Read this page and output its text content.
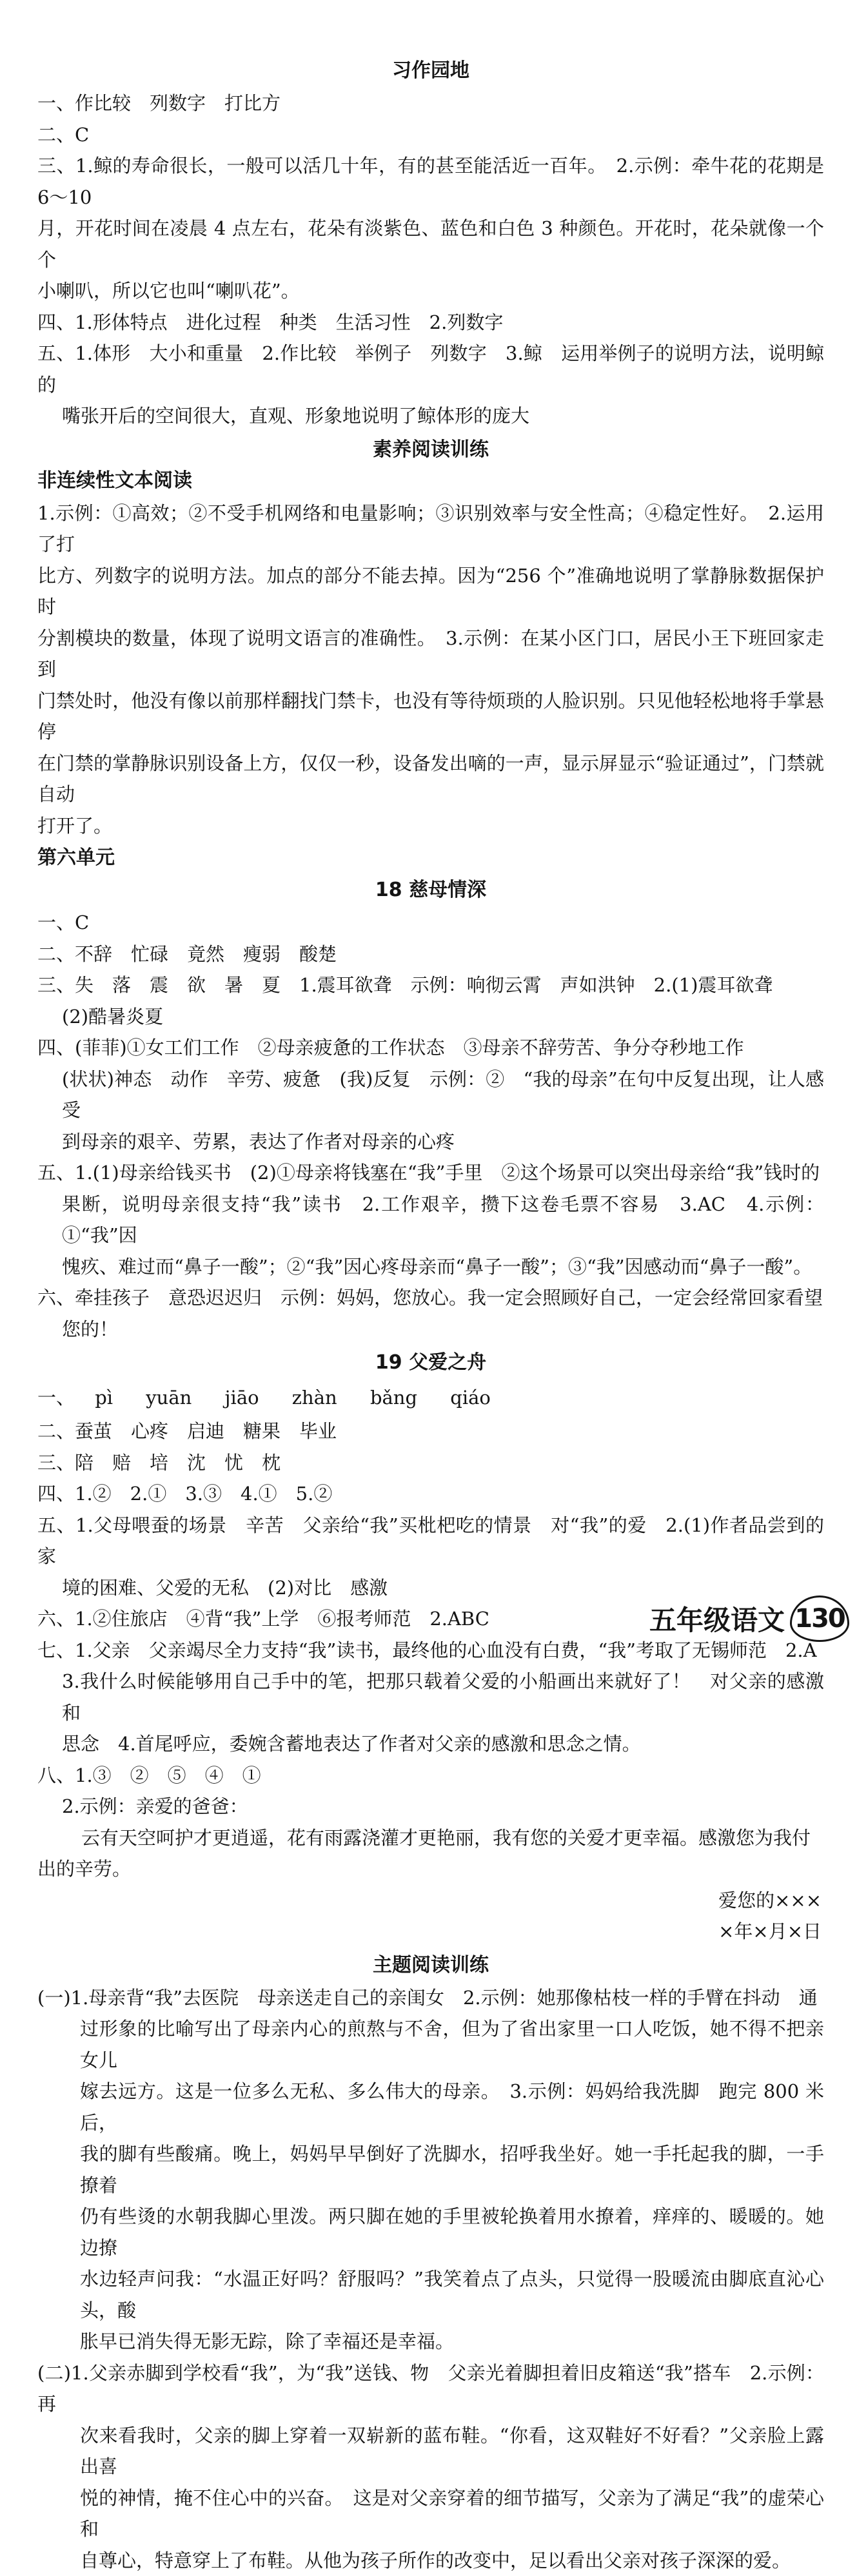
习作园地

一、作比较　列数字　打比方

二、C

三、1.鲸的寿命很长，一般可以活几十年，有的甚至能活近一百年。　2.示例：牵牛花的花期是 6～10

月，开花时间在凌晨 4 点左右，花朵有淡紫色、蓝色和白色 3 种颜色。开花时，花朵就像一个个

小喇叭，所以它也叫“喇叭花”。

四、1.形体特点　进化过程　种类　生活习性　2.列数字

五、1.体形　大小和重量　2.作比较　举例子　列数字　3.鲸　运用举例子的说明方法，说明鲸的

嘴张开后的空间很大，直观、形象地说明了鲸体形的庞大

素养阅读训练
非连续性文本阅读

1.示例：①高效；②不受手机网络和电量影响；③识别效率与安全性高；④稳定性好。　2.运用了打

比方、列数字的说明方法。加点的部分不能去掉。因为“256 个”准确地说明了掌静脉数据保护时

分割模块的数量，体现了说明文语言的准确性。　3.示例：在某小区门口，居民小王下班回家走到

门禁处时，他没有像以前那样翻找门禁卡，也没有等待烦琐的人脸识别。只见他轻松地将手掌悬停

在门禁的掌静脉识别设备上方，仅仅一秒，设备发出嘀的一声，显示屏显示“验证通过”，门禁就自动

打开了。

第六单元
18 慈母情深

一、C

二、不辞　忙碌　竟然　瘦弱　酸楚

三、失　落　震　欲　暑　夏　1.震耳欲聋　示例：响彻云霄　声如洪钟　2.(1)震耳欲聋

(2)酷暑炎夏

四、(菲菲)①女工们工作　②母亲疲惫的工作状态　③母亲不辞劳苦、争分夺秒地工作

(状状)神态　动作　辛劳、疲惫　(我)反复　示例：②　“我的母亲”在句中反复出现，让人感受

到母亲的艰辛、劳累，表达了作者对母亲的心疼

五、1.(1)母亲给钱买书　(2)①母亲将钱塞在“我”手里　②这个场景可以突出母亲给“我”钱时的

果断，说明母亲很支持“我”读书　2.工作艰辛，攒下这卷毛票不容易　3.AC　4.示例：①“我”因

愧疚、难过而“鼻子一酸”；②“我”因心疼母亲而“鼻子一酸”；③“我”因感动而“鼻子一酸”。

六、牵挂孩子　意恐迟迟归　示例：妈妈，您放心。我一定会照顾好自己，一定会经常回家看望

您的！

19 父爱之舟

一、 pì yuān jiāo zhàn bǎng qiáo

二、蚕茧　心疼　启迪　糖果　毕业

三、陪　赔　培　沈　忧　枕

四、1.②　2.①　3.③　4.①　5.②

五、1.父母喂蚕的场景　辛苦　父亲给“我”买枇杷吃的情景　对“我”的爱　2.(1)作者品尝到的家

境的困难、父爱的无私　(2)对比　感激

六、1.②住旅店　④背“我”上学　⑥报考师范　2.ABC

七、1.父亲　父亲竭尽全力支持“我”读书，最终他的心血没有白费，“我”考取了无锡师范　2.A

3.我什么时候能够用自己手中的笔，把那只载着父爱的小船画出来就好了！　对父亲的感激和

思念　4.首尾呼应，委婉含蓄地表达了作者对父亲的感激和思念之情。

八、1.③　②　⑤　④　①

2.示例：亲爱的爸爸：

云有天空呵护才更逍遥，花有雨露浇灌才更艳丽，我有您的关爱才更幸福。感激您为我付

出的辛劳。

爱您的×××

×年×月×日

主题阅读训练

(一)1.母亲背“我”去医院　母亲送走自己的亲闺女　2.示例：她那像枯枝一样的手臂在抖动　通

过形象的比喻写出了母亲内心的煎熬与不舍，但为了省出家里一口人吃饭，她不得不把亲女儿

嫁去远方。这是一位多么无私、多么伟大的母亲。　3.示例：妈妈给我洗脚　跑完 800 米后，

我的脚有些酸痛。晚上，妈妈早早倒好了洗脚水，招呼我坐好。她一手托起我的脚，一手撩着

仍有些烫的水朝我脚心里泼。两只脚在她的手里被轮换着用水撩着，痒痒的、暖暖的。她边撩

水边轻声问我：“水温正好吗？舒服吗？”我笑着点了点头，只觉得一股暖流由脚底直沁心头，酸

胀早已消失得无影无踪，除了幸福还是幸福。

(二)1.父亲赤脚到学校看“我”，为“我”送钱、物　父亲光着脚担着旧皮箱送“我”搭车　2.示例：再

次来看我时，父亲的脚上穿着一双崭新的蓝布鞋。“你看，这双鞋好不好看？”父亲脸上露出喜

悦的神情，掩不住心中的兴奋。　这是对父亲穿着的细节描写，父亲为了满足“我”的虚荣心和

自尊心，特意穿上了布鞋。从他为孩子所作的改变中，足以看出父亲对孩子深深的爱。

五年级语文 130
